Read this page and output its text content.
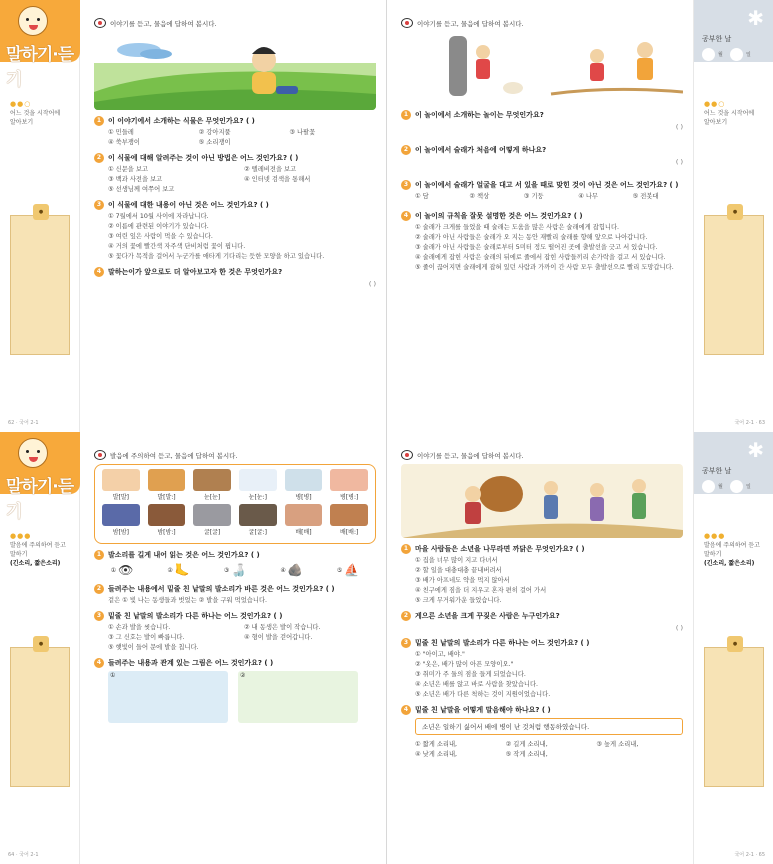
말하기·듣기
●●○
어느 것을 시작어에
알아보기
●
62 · 국어 2-1
이야기를 듣고, 물음에 답하여 봅시다.
1 이 이야기에서 소개하는 식물은 무엇인가요? ( )
① 민들레	② 강아지풀	③ 나팔꽃
④ 쑥부쟁이	⑤ 소리쟁이
2 이 식물에 대해 알려주는 것이 아닌 방법은 어느 것인가요? ( )
① 신문을 보고	② 텔레비전을 보고
③ 백과 사전을 보고	④ 인터넷 검색을 통해서
⑤ 선생님께 여쭈어 보고
3 이 식물에 대한 내용이 아닌 것은 어느 것인가요? ( )
① 7월에서 10월 사이에 자라납니다.
② 이름에 관련된 이야기가 있습니다.
③ 여린 잎은 사람이 먹을 수 있습니다.
④ 거의 꽃에 빨간색 자주색 단비처럼 꽃이 핍니다.
⑤ 꽃다가 목적을 걸어서 누군가를 애타게 기다리는 듯한 모양을 하고 있습니다.
4 말하는이가 앞으로도 더 알아보고자 한 것은 무엇인가요?
( )
✱
공부한 날
월	일
●●○
어느 것을 시작어에
알아보기
●
국어 2-1 · 63
이야기를 듣고, 물음에 답하여 봅시다.
1 이 놀이에서 소개하는 놀이는 무엇인가요?
( )
2 이 놀이에서 술래가 처음에 어떻게 하나요?
( )
3 이 놀이에서 술래가 얼굴을 대고 서 있을 때로 맞힌 것이 아닌 것은 어느 것인가요? ( )
① 담	② 책상	③ 기둥	④ 나무	⑤ 전봇대
4 이 놀이의 규칙을 잘못 설명한 것은 어느 것인가요? ( )
① 술래가 크게를 들었을 때 술래는 도움을 많은 사람은 술래에게 잡힙니다.
② 술래가 아닌 사람들은 술래가 오 지는 동안 재빨리 술래를 향해 앞으로 나아갑니다.
③ 술래가 아닌 사람들은 술래로부터 5미터 정도 떨어진 곳에 출발선을 긋고 서 있습니다.
④ 술래에게 잡힌 사람은 술래의 뒤에로 줄에서 잡힌 사람들끼리 손가락을 걸고 서 있습니다.
⑤ 줄이 끊어지면 술래에게 잡혀 있던 사람과 가까이 간 사람 모두 출발선으로 빨리 도망갑니다.
말하기·듣기
●●●
발음에 주의하여 듣고
말하기
(긴소리, 짧은소리)
●
64 · 국어 2-1
발음에 주의하여 듣고, 물음에 답하여 봅시다.
발[발]	발[발:]	눈[눈]	눈[눈:]	병[병]	병[병:]
밤[밤]	밤[밤:]	굴[굴]	굴[굴:]	배[배]	배[배:]
1 발소리를 길게 내어 읽는 것은 어느 것인가요? ( )
① 👁	② 🦶	③ 🍶	④ 🪨	⑤ ⛵
2 들려주는 내용에서 밑줄 친 낱말의 발소리가 바른 것은 어느 것인가요? ( )
겉은 ① 빛 나는 동생들과 벗었는 ② 발을 구워 먹었습니다.
3 밑줄 친 낱말의 발소리가 다른 하나는 어느 것인가요? ( )
① 손과 발을 씻습니다.	② 내 동생은 발이 작습니다.
③ 그 신호는 발이 빠릅니다.	④ 형이 발을 걷어갑니다.
⑤ 햇빛이 들어 문에 발을 칩니다.
4 들려주는 내용과 관계 있는 그림은 어느 것인가요? ( )
①	②
✱
공부한 날
월	일
●●●
발음에 주의하여 듣고
말하기
(긴소리, 짧은소리)
●
국어 2-1 · 65
이야기를 듣고, 물음에 답하여 봅시다.
1 마을 사람들은 소년을 나무라면 까닭은 무엇인가요? ( )
① 집을 너무 많이 지고 다녀서
② 할 일을 대충대충 끝내버려서
③ 배가 아프네도 약을 먹지 않아서
④ 친구에게 짐을 더 지우고 혼자 편히 걸어 가서
⑤ 크게 무거워가운 들었습니다.
2 게으른 소년을 크게 꾸짖은 사람은 누구인가요?
( )
3 밑줄 친 낱말의 발소리가 다른 하나는 어느 것인가요? ( )
① "아이고, 배야."
② "옷은, 배가 많이 아픈 모양이오."
③ 취미가 주 둘의 점을 들게 되었습니다.
④ 소년은 배를 앉고 바로 사람을 찾았습니다.
⑤ 소년은 배가 다른 척하는 것이 지원이었습니다.
4 밑줄 친 낱말을 어떻게 말음해야 하나요? ( )
소년은 일하기 싫어서 배에 병이 난 것처럼 행동하였습니다.
① 짧게 소리내,	② 길게 소리내,	③ 높게 소리내,
④ 낮게 소리내,	⑤ 작게 소리내,
